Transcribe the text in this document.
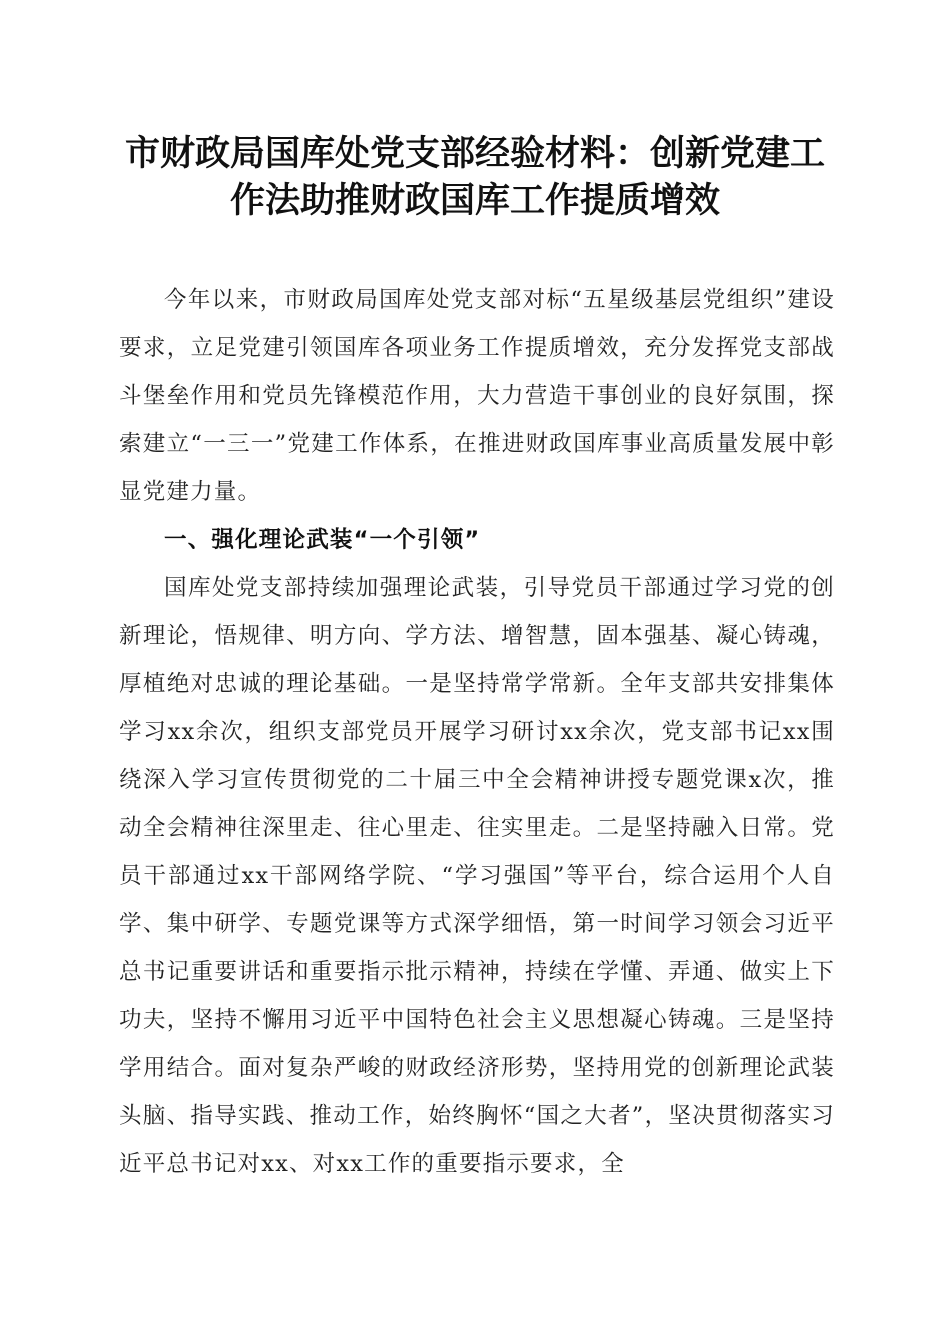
市财政局国库处党支部经验材料：创新党建工
作法助推财政国库工作提质增效

今年以来，市财政局国库处党支部对标“五星级基层党组织”建设要求，立足党建引领国库各项业务工作提质增效，充分发挥党支部战斗堡垒作用和党员先锋模范作用，大力营造干事创业的良好氛围，探索建立“一三一”党建工作体系，在推进财政国库事业高质量发展中彰显党建力量。

一、强化理论武装“一个引领”

国库处党支部持续加强理论武装，引导党员干部通过学习党的创新理论，悟规律、明方向、学方法、增智慧，固本强基、凝心铸魂，厚植绝对忠诚的理论基础。一是坚持常学常新。全年支部共安排集体学习xx余次，组织支部党员开展学习研讨xx余次，党支部书记xx围绕深入学习宣传贯彻党的二十届三中全会精神讲授专题党课x次，推动全会精神往深里走、往心里走、往实里走。二是坚持融入日常。党员干部通过xx干部网络学院、“学习强国”等平台，综合运用个人自学、集中研学、专题党课等方式深学细悟，第一时间学习领会习近平总书记重要讲话和重要指示批示精神，持续在学懂、弄通、做实上下功夫，坚持不懈用习近平中国特色社会主义思想凝心铸魂。三是坚持学用结合。面对复杂严峻的财政经济形势，坚持用党的创新理论武装头脑、指导实践、推动工作，始终胸怀“国之大者”，坚决贯彻落实习近平总书记对xx、对xx工作的重要指示要求，全
